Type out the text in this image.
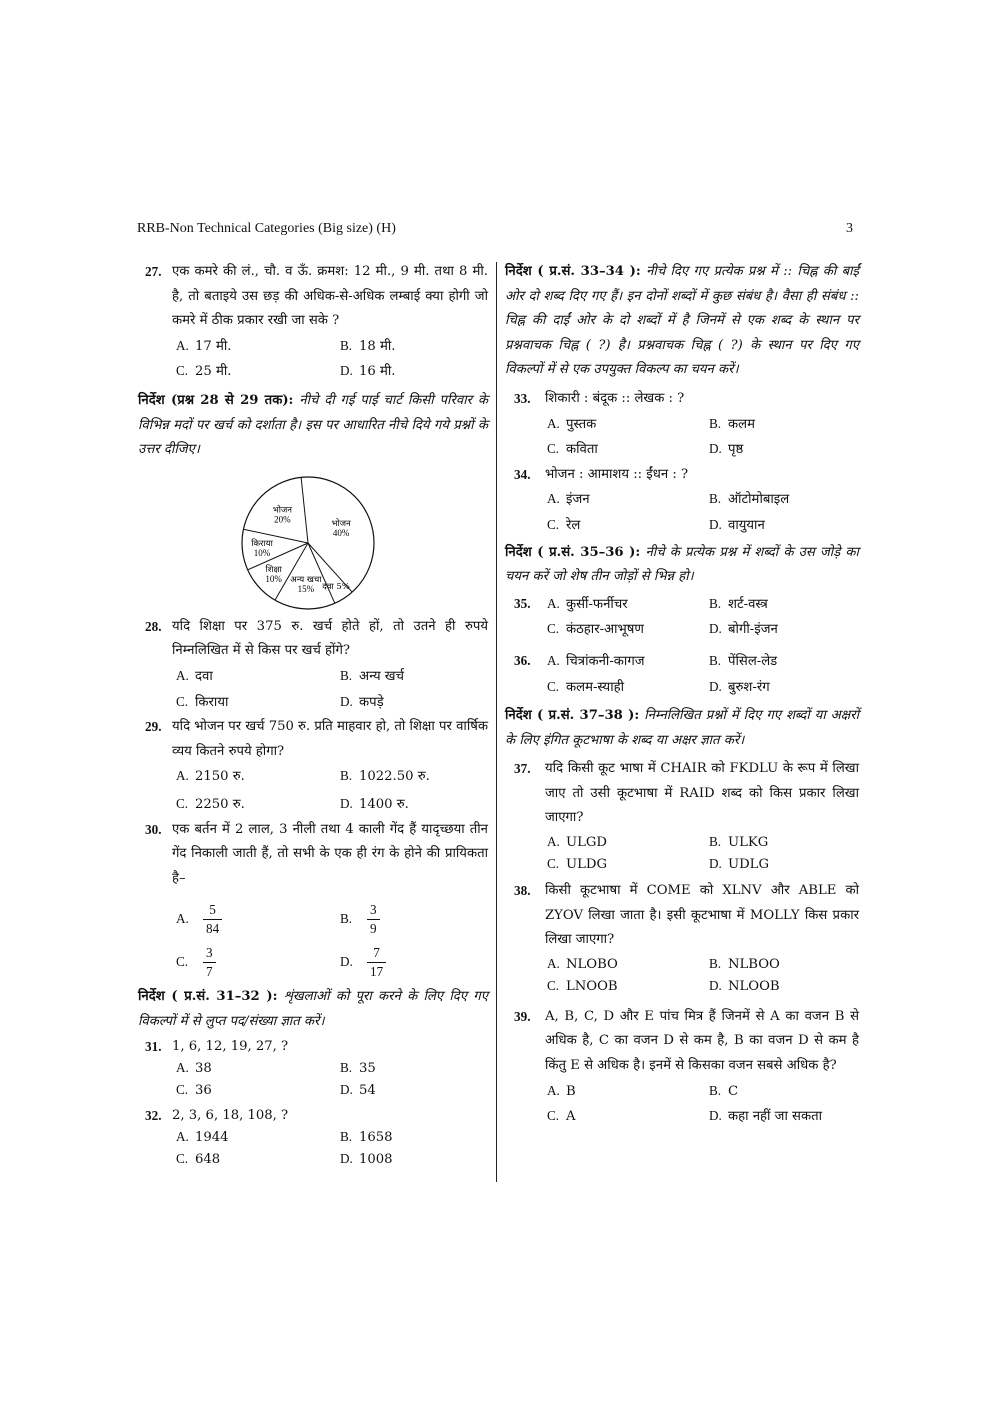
RRB-Non Technical Categories (Big size) (H)	3
27. एक कमरे की लं., चौ. व ऊँ. क्रमश: 12 मी., 9 मी. तथा 8 मी. है, तो बताइये उस छड़ की अधिक-से-अधिक लम्बाई क्या होगी जो कमरे में ठीक प्रकार रखी जा सके ?
A. 17 मी.	B. 18 मी.
C. 25 मी.	D. 16 मी.
निर्देश (प्रश्न 28 से 29 तक): नीचे दी गई पाई चार्ट किसी परिवार के विभिन्न मदों पर खर्च को दर्शाता है। इस पर आधारित नीचे दिये गये प्रश्नों के उत्तर दीजिए।
भोजन
40%
दवा 5%
अन्य खचा
15%
शिक्षा
10%
किराया
10%
भोजन
20%
28. यदि शिक्षा पर 375 रु. खर्च होते हों, तो उतने ही रुपये निम्नलिखित में से किस पर खर्च होंगे?
A. दवा	B. अन्य खर्च
C. किराया	D. कपड़े
29. यदि भोजन पर खर्च 750 रु. प्रति माहवार हो, तो शिक्षा पर वार्षिक व्यय कितने रुपये होगा?
A. 2150 रु.	B. 1022.50 रु.
C. 2250 रु.	D. 1400 रु.
30. एक बर्तन में 2 लाल, 3 नीली तथा 4 काली गेंद हैं यादृच्छया तीन गेंद निकाली जाती हैं, तो सभी के एक ही रंग के होने की प्रायिकता है–
A.	$\frac{5}{84}$	B.	$\frac{3}{9}$
C.	$\frac{3}{7}$	D.	$\frac{7}{17}$
निर्देश ( प्र.सं. 31–32 ): शृंखलाओं को पूरा करने के लिए दिए गए विकल्पों में से लुप्त पद/संख्या ज्ञात करें।
31. 1, 6, 12, 19, 27, ?
A. 38	B. 35
C. 36	D. 54
32. 2, 3, 6, 18, 108, ?
A. 1944	B. 1658
C. 648	D. 1008
निर्देश ( प्र.सं. 33–34 ): नीचे दिए गए प्रत्येक प्रश्न में :: चिह्न की बाईं ओर दो शब्द दिए गए हैं। इन दोनों शब्दों में कुछ संबंध है। वैसा ही संबंध :: चिह्न की दाईं ओर के दो शब्दों में है जिनमें से एक शब्द के स्थान पर प्रश्नवाचक चिह्न ( ?) है। प्रश्नवाचक चिह्न ( ?) के स्थान पर दिए गए विकल्पों में से एक उपयुक्त विकल्प का चयन करें।
33. शिकारी : बंदूक :: लेखक : ?
A. पुस्तक	B. कलम
C. कविता	D. पृष्ठ
34. भोजन : आमाशय :: ईंधन : ?
A. इंजन	B. ऑटोमोबाइल
C. रेल	D. वायुयान
निर्देश ( प्र.सं. 35–36 ): नीचे के प्रत्येक प्रश्न में शब्दों के उस जोड़े का चयन करें जो शेष तीन जोड़ों से भिन्न हो।
35. A. कुर्सी-फर्नीचर	B. शर्ट-वस्त्र
C. कंठहार-आभूषण	D. बोगी-इंजन
36. A. चित्रांकनी-कागज	B. पेंसिल-लेड
C. कलम-स्याही	D. बुरुश-रंग
निर्देश ( प्र.सं. 37–38 ): निम्नलिखित प्रश्नों में दिए गए शब्दों या अक्षरों के लिए इंगित कूटभाषा के शब्द या अक्षर ज्ञात करें।
37. यदि किसी कूट भाषा में CHAIR को FKDLU के रूप में लिखा जाए तो उसी कूटभाषा में RAID शब्द को किस प्रकार लिखा जाएगा?
A. ULGD	B. ULKG
C. ULDG	D. UDLG
38. किसी कूटभाषा में COME को XLNV और ABLE को ZYOV लिखा जाता है। इसी कूटभाषा में MOLLY किस प्रकार लिखा जाएगा?
A. NLOBO	B. NLBOO
C. LNOOB	D. NLOOB
39. A, B, C, D और E पांच मित्र हैं जिनमें से A का वजन B से अधिक है, C का वजन D से कम है, B का वजन D से कम है किंतु E से अधिक है। इनमें से किसका वजन सबसे अधिक है?
A. B	B. C
C. A	D. कहा नहीं जा सकता
